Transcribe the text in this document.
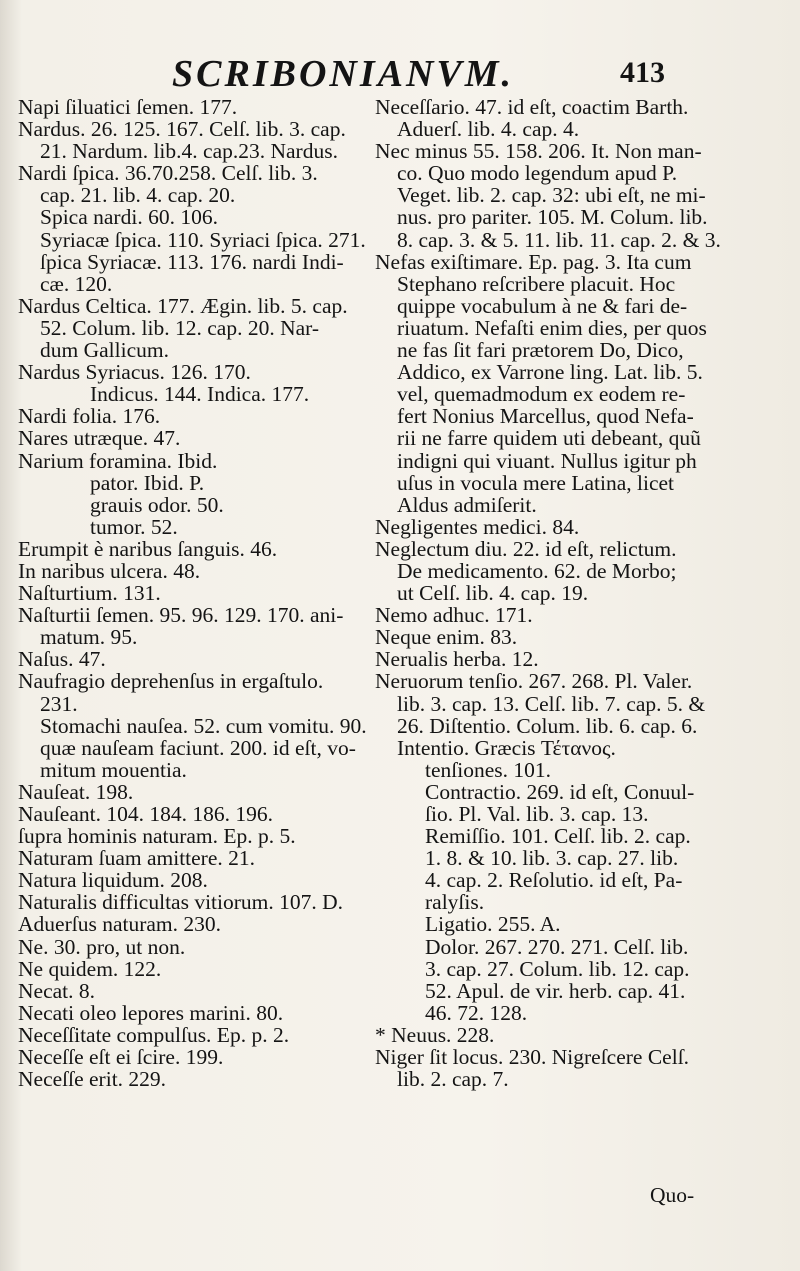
SCRIBONIANVM.	413
Napi ſiluatici ſemen. 177.
Nardus. 26. 125. 167. Celſ. lib. 3. cap.
21. Nardum. lib.4. cap.23. Nardus.
Nardi ſpica. 36.70.258. Celſ. lib. 3.
cap. 21. lib. 4. cap. 20.
Spica nardi. 60. 106.
Syriacæ ſpica. 110. Syriaci ſpica. 271.
ſpica Syriacæ. 113. 176. nardi Indi-
cæ. 120.
Nardus Celtica. 177. Ægin. lib. 5. cap.
52. Colum. lib. 12. cap. 20. Nar-
dum Gallicum.
Nardus Syriacus. 126. 170.
Indicus. 144. Indica. 177.
Nardi folia. 176.
Nares utræque. 47.
Narium foramina. Ibid.
pator. Ibid. P.
grauis odor. 50.
tumor. 52.
Erumpit è naribus ſanguis. 46.
In naribus ulcera. 48.
Naſturtium. 131.
Naſturtii ſemen. 95. 96. 129. 170. ani-
matum. 95.
Naſus. 47.
Naufragio deprehenſus in ergaſtulo.
231.
Stomachi nauſea. 52. cum vomitu. 90.
quæ nauſeam faciunt. 200. id eſt, vo-
mitum mouentia.
Nauſeat. 198.
Nauſeant. 104. 184. 186. 196.
ſupra hominis naturam. Ep. p. 5.
Naturam ſuam amittere. 21.
Natura liquidum. 208.
Naturalis difficultas vitiorum. 107. D.
Aduerſus naturam. 230.
Ne. 30. pro, ut non.
Ne quidem. 122.
Necat. 8.
Necati oleo lepores marini. 80.
Neceſſitate compulſus. Ep. p. 2.
Neceſſe eſt ei ſcire. 199.
Neceſſe erit. 229.
Neceſſario. 47. id eſt, coactim Barth.
Aduerſ. lib. 4. cap. 4.
Nec minus 55. 158. 206. It. Non man-
co. Quo modo legendum apud P.
Veget. lib. 2. cap. 32: ubi eſt, ne mi-
nus. pro pariter. 105. M. Colum. lib.
8. cap. 3. & 5. 11. lib. 11. cap. 2. & 3.
Nefas exiſtimare. Ep. pag. 3. Ita cum
Stephano reſcribere placuit. Hoc
quippe vocabulum à ne & fari de-
riuatum. Nefaſti enim dies, per quos
ne fas ſit fari prætorem Do, Dico,
Addico, ex Varrone ling. Lat. lib. 5.
vel, quemadmodum ex eodem re-
fert Nonius Marcellus, quod Nefa-
rii ne farre quidem uti debeant, quũ
indigni qui viuant. Nullus igitur ph
uſus in vocula mere Latina, licet
Aldus admiſerit.
Negligentes medici. 84.
Neglectum diu. 22. id eſt, relictum.
De medicamento. 62. de Morbo;
ut Celſ. lib. 4. cap. 19.
Nemo adhuc. 171.
Neque enim. 83.
Nerualis herba. 12.
Neruorum tenſio. 267. 268. Pl. Valer.
lib. 3. cap. 13. Celſ. lib. 7. cap. 5. &
26. Diſtentio. Colum. lib. 6. cap. 6.
Intentio. Græcis Τέτανος.
tenſiones. 101.
Contractio. 269. id eſt, Conuul-
ſio. Pl. Val. lib. 3. cap. 13.
Remiſſio. 101. Celſ. lib. 2. cap.
1. 8. & 10. lib. 3. cap. 27. lib.
4. cap. 2. Reſolutio. id eſt, Pa-
ralyſis.
Ligatio. 255. A.
Dolor. 267. 270. 271. Celſ. lib.
3. cap. 27. Colum. lib. 12. cap.
52. Apul. de vir. herb. cap. 41.
46. 72. 128.
* Neuus. 228.
Niger ſit locus. 230. Nigreſcere Celſ.
lib. 2. cap. 7.
Quo-
